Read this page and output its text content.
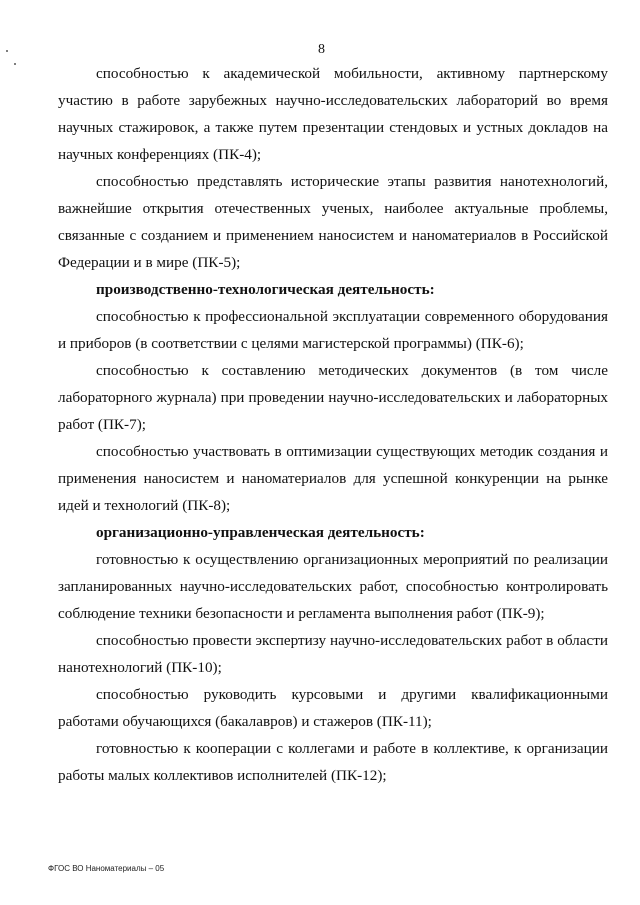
8

способностью к академической мобильности, активному партнерскому участию в работе зарубежных научно-исследовательских лабораторий во время научных стажировок, а также путем презентации стендовых и устных докладов на научных конференциях (ПК-4);

способностью представлять исторические этапы развития нанотехнологий, важнейшие открытия отечественных ученых, наиболее актуальные проблемы, связанные с созданием и применением наносистем и наноматериалов в Российской Федерации и в мире (ПК-5);

производственно-технологическая деятельность:

способностью к профессиональной эксплуатации современного оборудования и приборов (в соответствии с целями магистерской программы) (ПК-6);

способностью к составлению методических документов (в том числе лабораторного журнала) при проведении научно-исследовательских и лабораторных работ (ПК-7);

способностью участвовать в оптимизации существующих методик создания и применения наносистем и наноматериалов для успешной конкуренции на рынке идей и технологий (ПК-8);

организационно-управленческая деятельность:

готовностью к осуществлению организационных мероприятий по реализации запланированных научно-исследовательских работ, способностью контролировать соблюдение техники безопасности и регламента выполнения работ (ПК-9);

способностью провести экспертизу научно-исследовательских работ в области нанотехнологий (ПК-10);

способностью руководить курсовыми и другими квалификационными работами обучающихся (бакалавров) и стажеров (ПК-11);

готовностью к кооперации с коллегами и работе в коллективе, к организации работы малых коллективов исполнителей (ПК-12);

ФГОС ВО Наноматериалы – 05
